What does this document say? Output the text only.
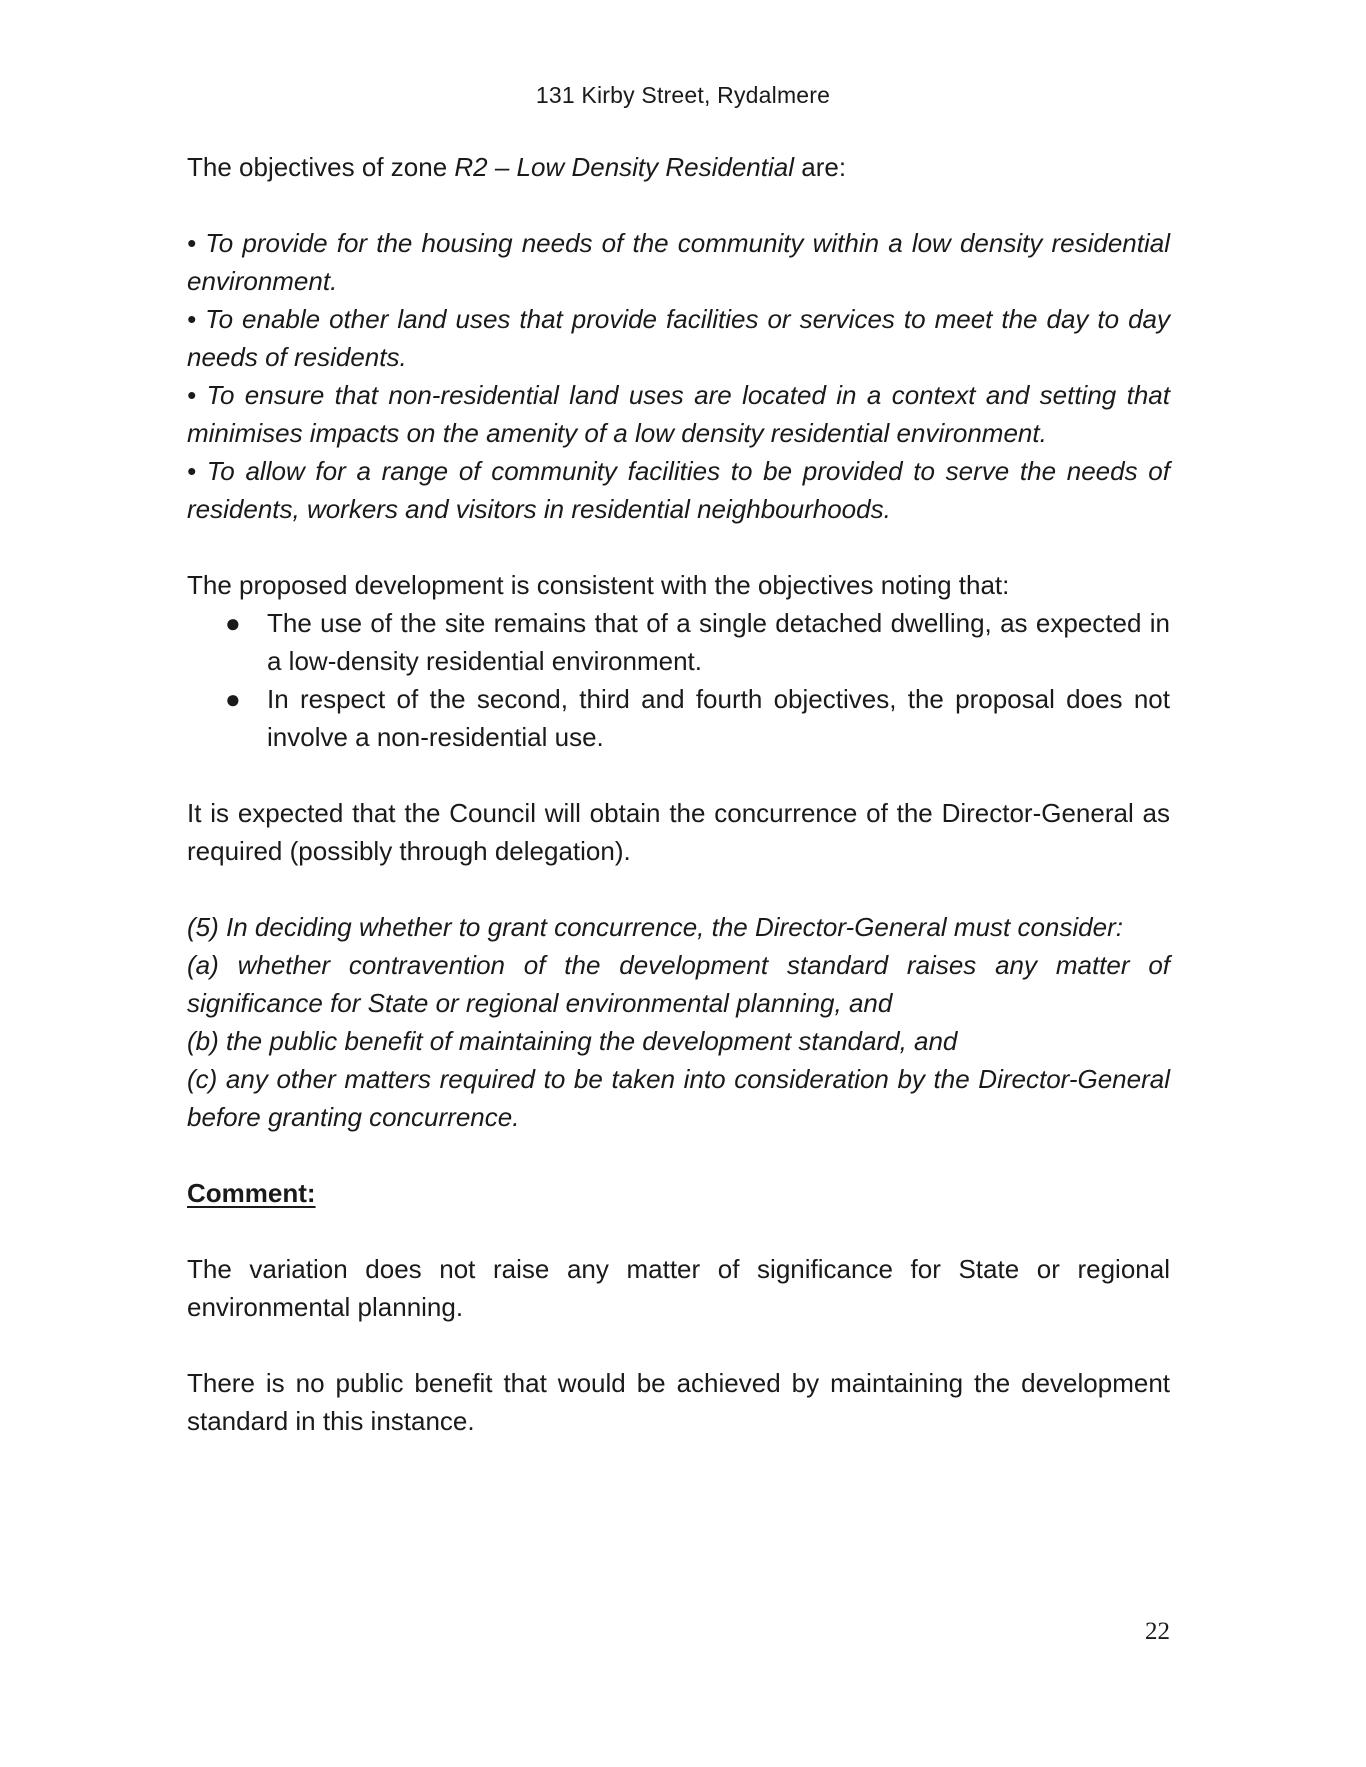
131 Kirby Street, Rydalmere

The objectives of zone R2 – Low Density Residential are:

• To provide for the housing needs of the community within a low density residential environment.

• To enable other land uses that provide facilities or services to meet the day to day needs of residents.

• To ensure that non-residential land uses are located in a context and setting that minimises impacts on the amenity of a low density residential environment.

• To allow for a range of community facilities to be provided to serve the needs of residents, workers and visitors in residential neighbourhoods.

The proposed development is consistent with the objectives noting that:

● The use of the site remains that of a single detached dwelling, as expected in a low-density residential environment.
● In respect of the second, third and fourth objectives, the proposal does not involve a non-residential use.

It is expected that the Council will obtain the concurrence of the Director-General as required (possibly through delegation).

(5) In deciding whether to grant concurrence, the Director-General must consider:

(a) whether contravention of the development standard raises any matter of significance for State or regional environmental planning, and

(b) the public benefit of maintaining the development standard, and

(c) any other matters required to be taken into consideration by the Director-General before granting concurrence.

Comment:

The variation does not raise any matter of significance for State or regional environmental planning.

There is no public benefit that would be achieved by maintaining the development standard in this instance.

22
